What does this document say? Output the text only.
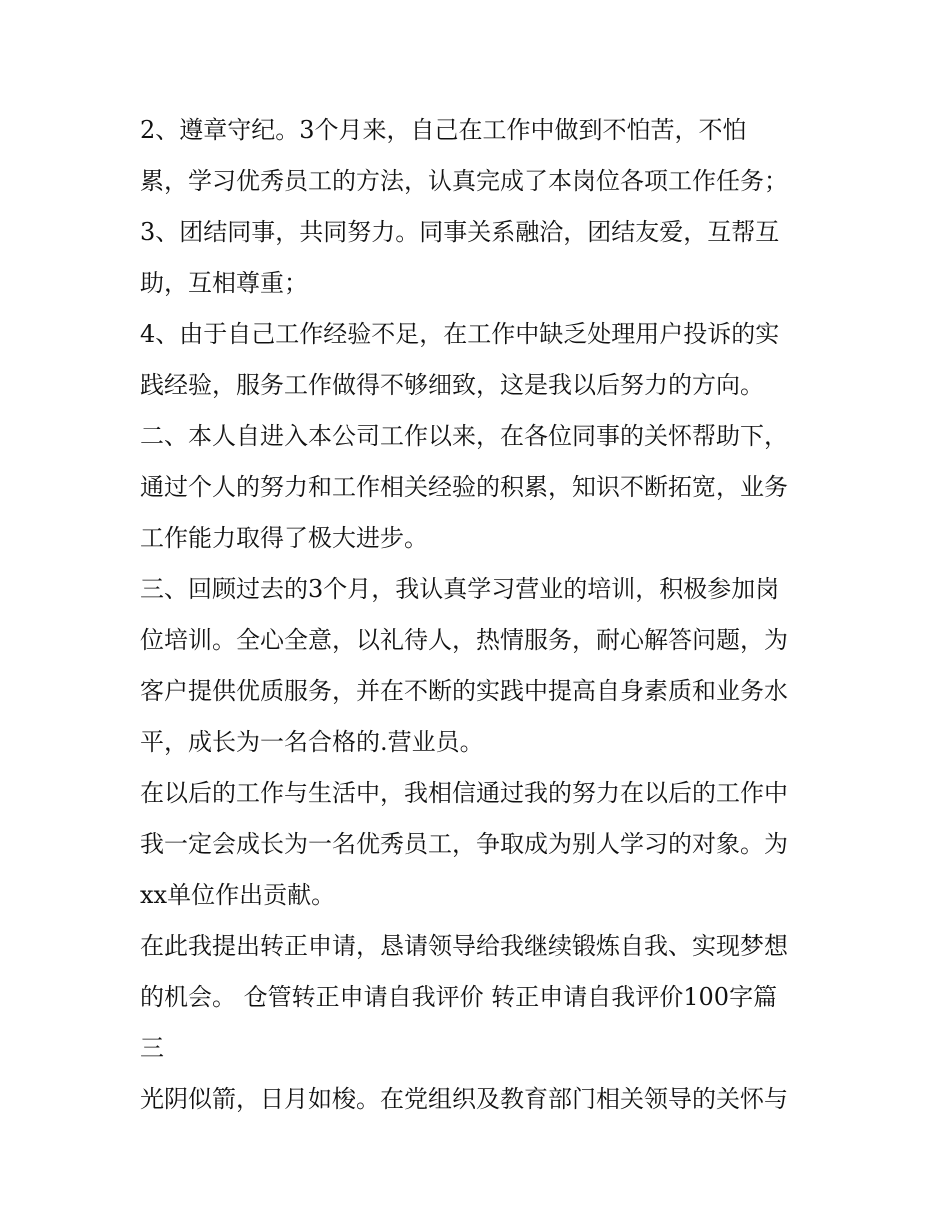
2、遵章守纪。3个月来，自己在工作中做到不怕苦，不怕

累，学习优秀员工的方法，认真完成了本岗位各项工作任务；

3、团结同事，共同努力。同事关系融洽，团结友爱，互帮互

助，互相尊重；

4、由于自己工作经验不足，在工作中缺乏处理用户投诉的实

践经验，服务工作做得不够细致，这是我以后努力的方向。

二、本人自进入本公司工作以来，在各位同事的关怀帮助下，

通过个人的努力和工作相关经验的积累，知识不断拓宽，业务

工作能力取得了极大进步。

三、回顾过去的3个月，我认真学习营业的培训，积极参加岗

位培训。全心全意，以礼待人，热情服务，耐心解答问题，为

客户提供优质服务，并在不断的实践中提高自身素质和业务水

平，成长为一名合格的.营业员。

在以后的工作与生活中，我相信通过我的努力在以后的工作中

我一定会成长为一名优秀员工，争取成为别人学习的对象。为

xx单位作出贡献。

在此我提出转正申请，恳请领导给我继续锻炼自我、实现梦想

的机会。 仓管转正申请自我评价 转正申请自我评价100字篇

三

光阴似箭，日月如梭。在党组织及教育部门相关领导的关怀与
